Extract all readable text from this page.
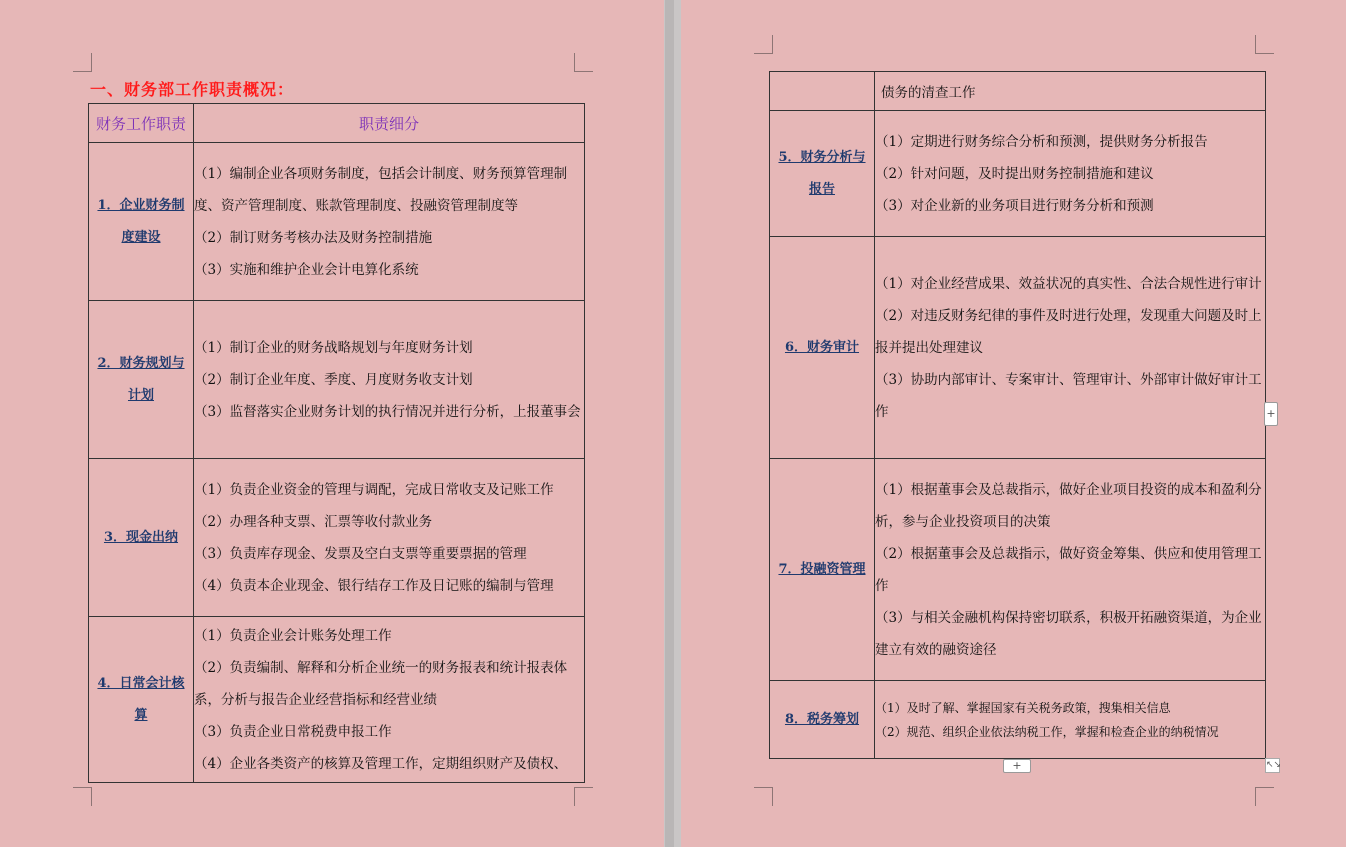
一、财务部工作职责概况：
财务工作职责	职责细分
1．企业财务制度建设	（1）编制企业各项财务制度，包括会计制度、财务预算管理制度、资产管理制度、账款管理制度、投融资管理制度等
（2）制订财务考核办法及财务控制措施
（3）实施和维护企业会计电算化系统

2．财务规划与计划	（1）制订企业的财务战略规划与年度财务计划
（2）制订企业年度、季度、月度财务收支计划
（3）监督落实企业财务计划的执行情况并进行分析，上报董事会

3．现金出纳	（1）负责企业资金的管理与调配，完成日常收支及记账工作
（2）办理各种支票、汇票等收付款业务
（3）负责库存现金、发票及空白支票等重要票据的管理
（4）负责本企业现金、银行结存工作及日记账的编制与管理

4．日常会计核算	（1）负责企业会计账务处理工作
（2）负责编制、解释和分析企业统一的财务报表和统计报表体系，分析与报告企业经营指标和经营业绩
（3）负责企业日常税费申报工作
（4）企业各类资产的核算及管理工作，定期组织财产及债权、

	债务的清查工作

5．财务分析与报告	（1）定期进行财务综合分析和预测，提供财务分析报告
（2）针对问题，及时提出财务控制措施和建议
（3）对企业新的业务项目进行财务分析和预测

6．财务审计	（1）对企业经营成果、效益状况的真实性、合法合规性进行审计
（2）对违反财务纪律的事件及时进行处理，发现重大问题及时上报并提出处理建议
（3）协助内部审计、专案审计、管理审计、外部审计做好审计工作

7．投融资管理	（1）根据董事会及总裁指示，做好企业项目投资的成本和盈利分析，参与企业投资项目的决策
（2）根据董事会及总裁指示，做好资金筹集、供应和使用管理工作
（3）与相关金融机构保持密切联系，积极开拓融资渠道，为企业建立有效的融资途径

8．税务筹划	（1）及时了解、掌握国家有关税务政策，搜集相关信息
（2）规范、组织企业依法纳税工作，掌握和检查企业的纳税情况
+
+	↖↘
